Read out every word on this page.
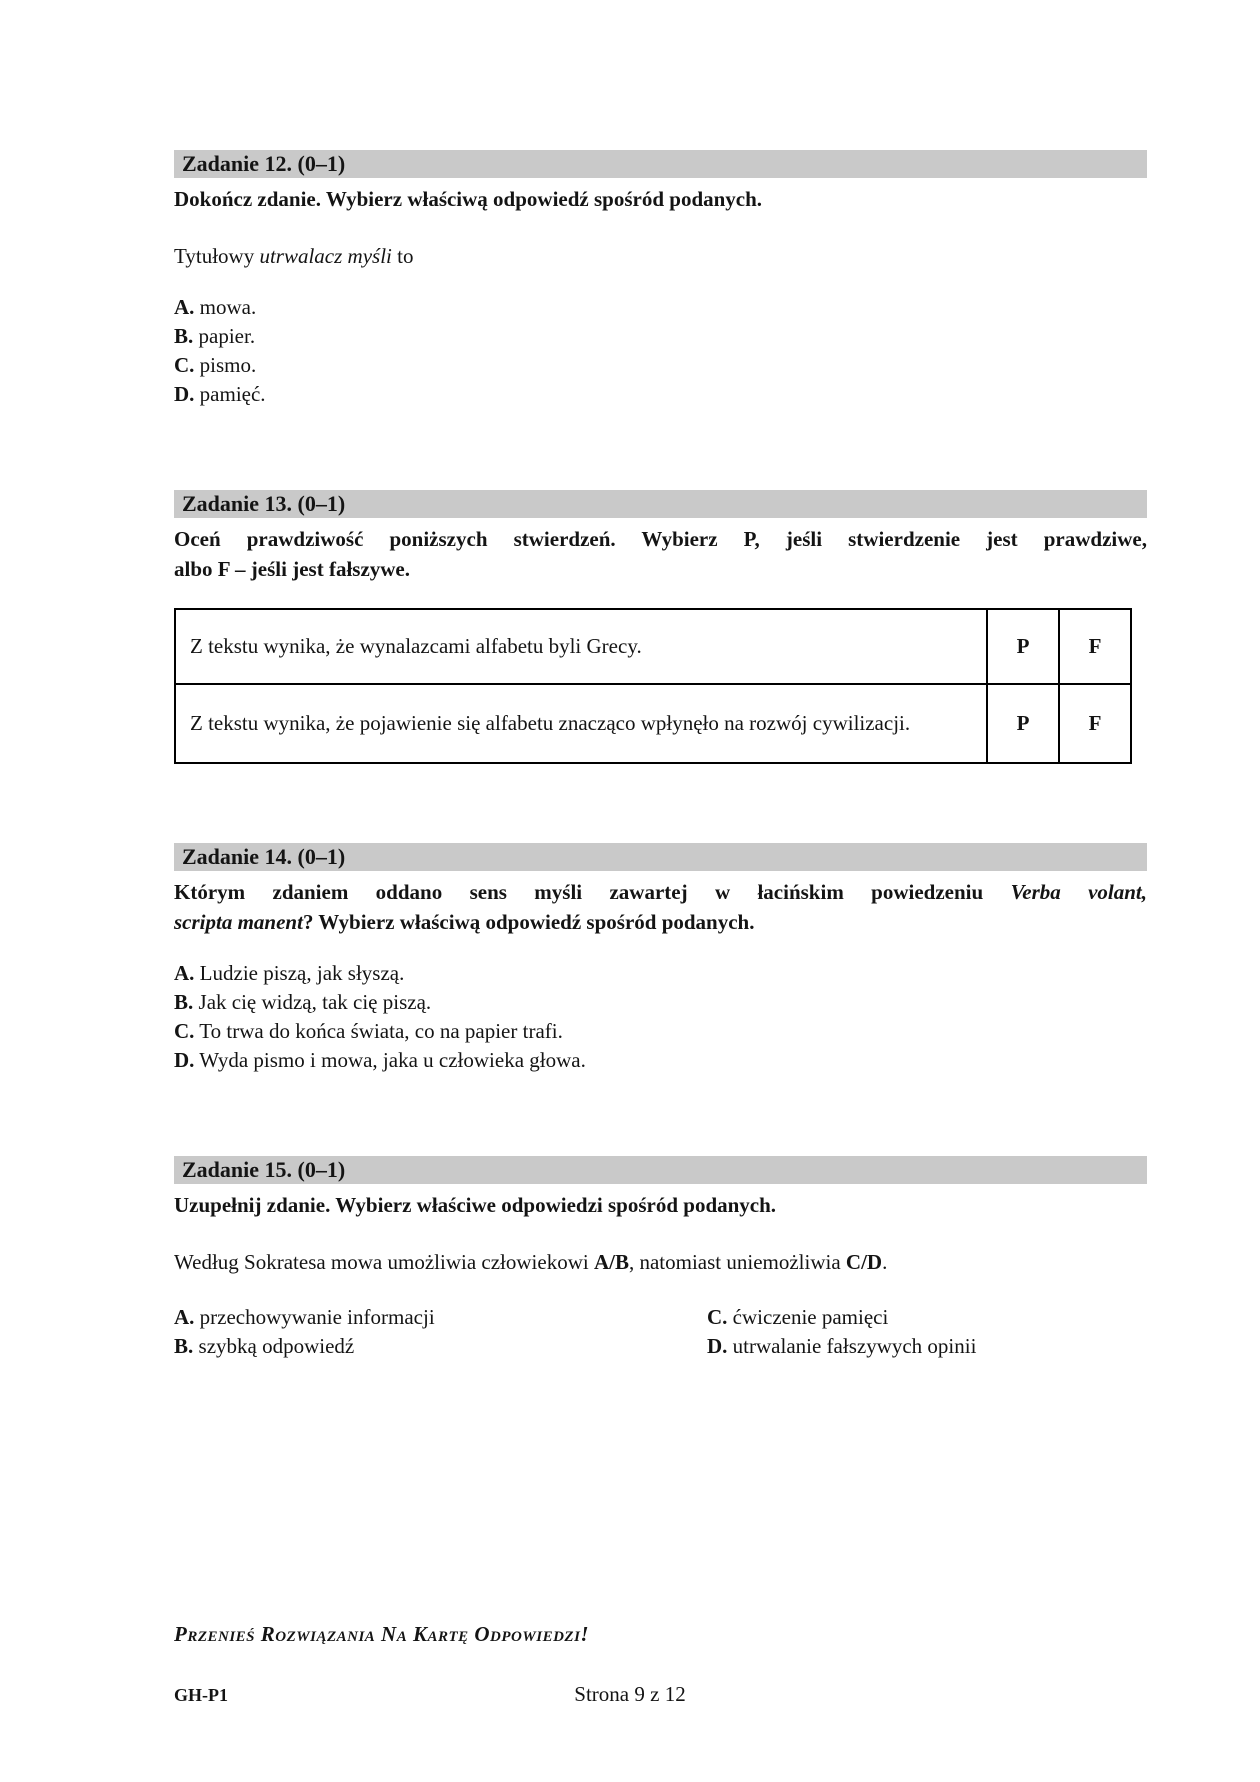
Zadanie 12. (0–1)
Dokończ zdanie. Wybierz właściwą odpowiedź spośród podanych.
Tytułowy utrwalacz myśli to
A. mowa.
B. papier.
C. pismo.
D. pamięć.
Zadanie 13. (0–1)
Oceń prawdziwość poniższych stwierdzeń. Wybierz P, jeśli stwierdzenie jest prawdziwe,
albo F – jeśli jest fałszywe.
Z tekstu wynika, że wynalazcami alfabetu byli Grecy.	P	F
Z tekstu wynika, że pojawienie się alfabetu znacząco wpłynęło na rozwój cywilizacji.	P	F
Zadanie 14. (0–1)
Którym zdaniem oddano sens myśli zawartej w łacińskim powiedzeniu Verba volant,
scripta manent? Wybierz właściwą odpowiedź spośród podanych.
A. Ludzie piszą, jak słyszą.
B. Jak cię widzą, tak cię piszą.
C. To trwa do końca świata, co na papier trafi.
D. Wyda pismo i mowa, jaka u człowieka głowa.
Zadanie 15. (0–1)
Uzupełnij zdanie. Wybierz właściwe odpowiedzi spośród podanych.
Według Sokratesa mowa umożliwia człowiekowi A/B, natomiast uniemożliwia C/D.
A. przechowywanie informacji	C. ćwiczenie pamięci
B. szybką odpowiedź	D. utrwalanie fałszywych opinii
Przenieś Rozwiązania Na Kartę Odpowiedzi!
Strona 9 z 12
GH-P1
